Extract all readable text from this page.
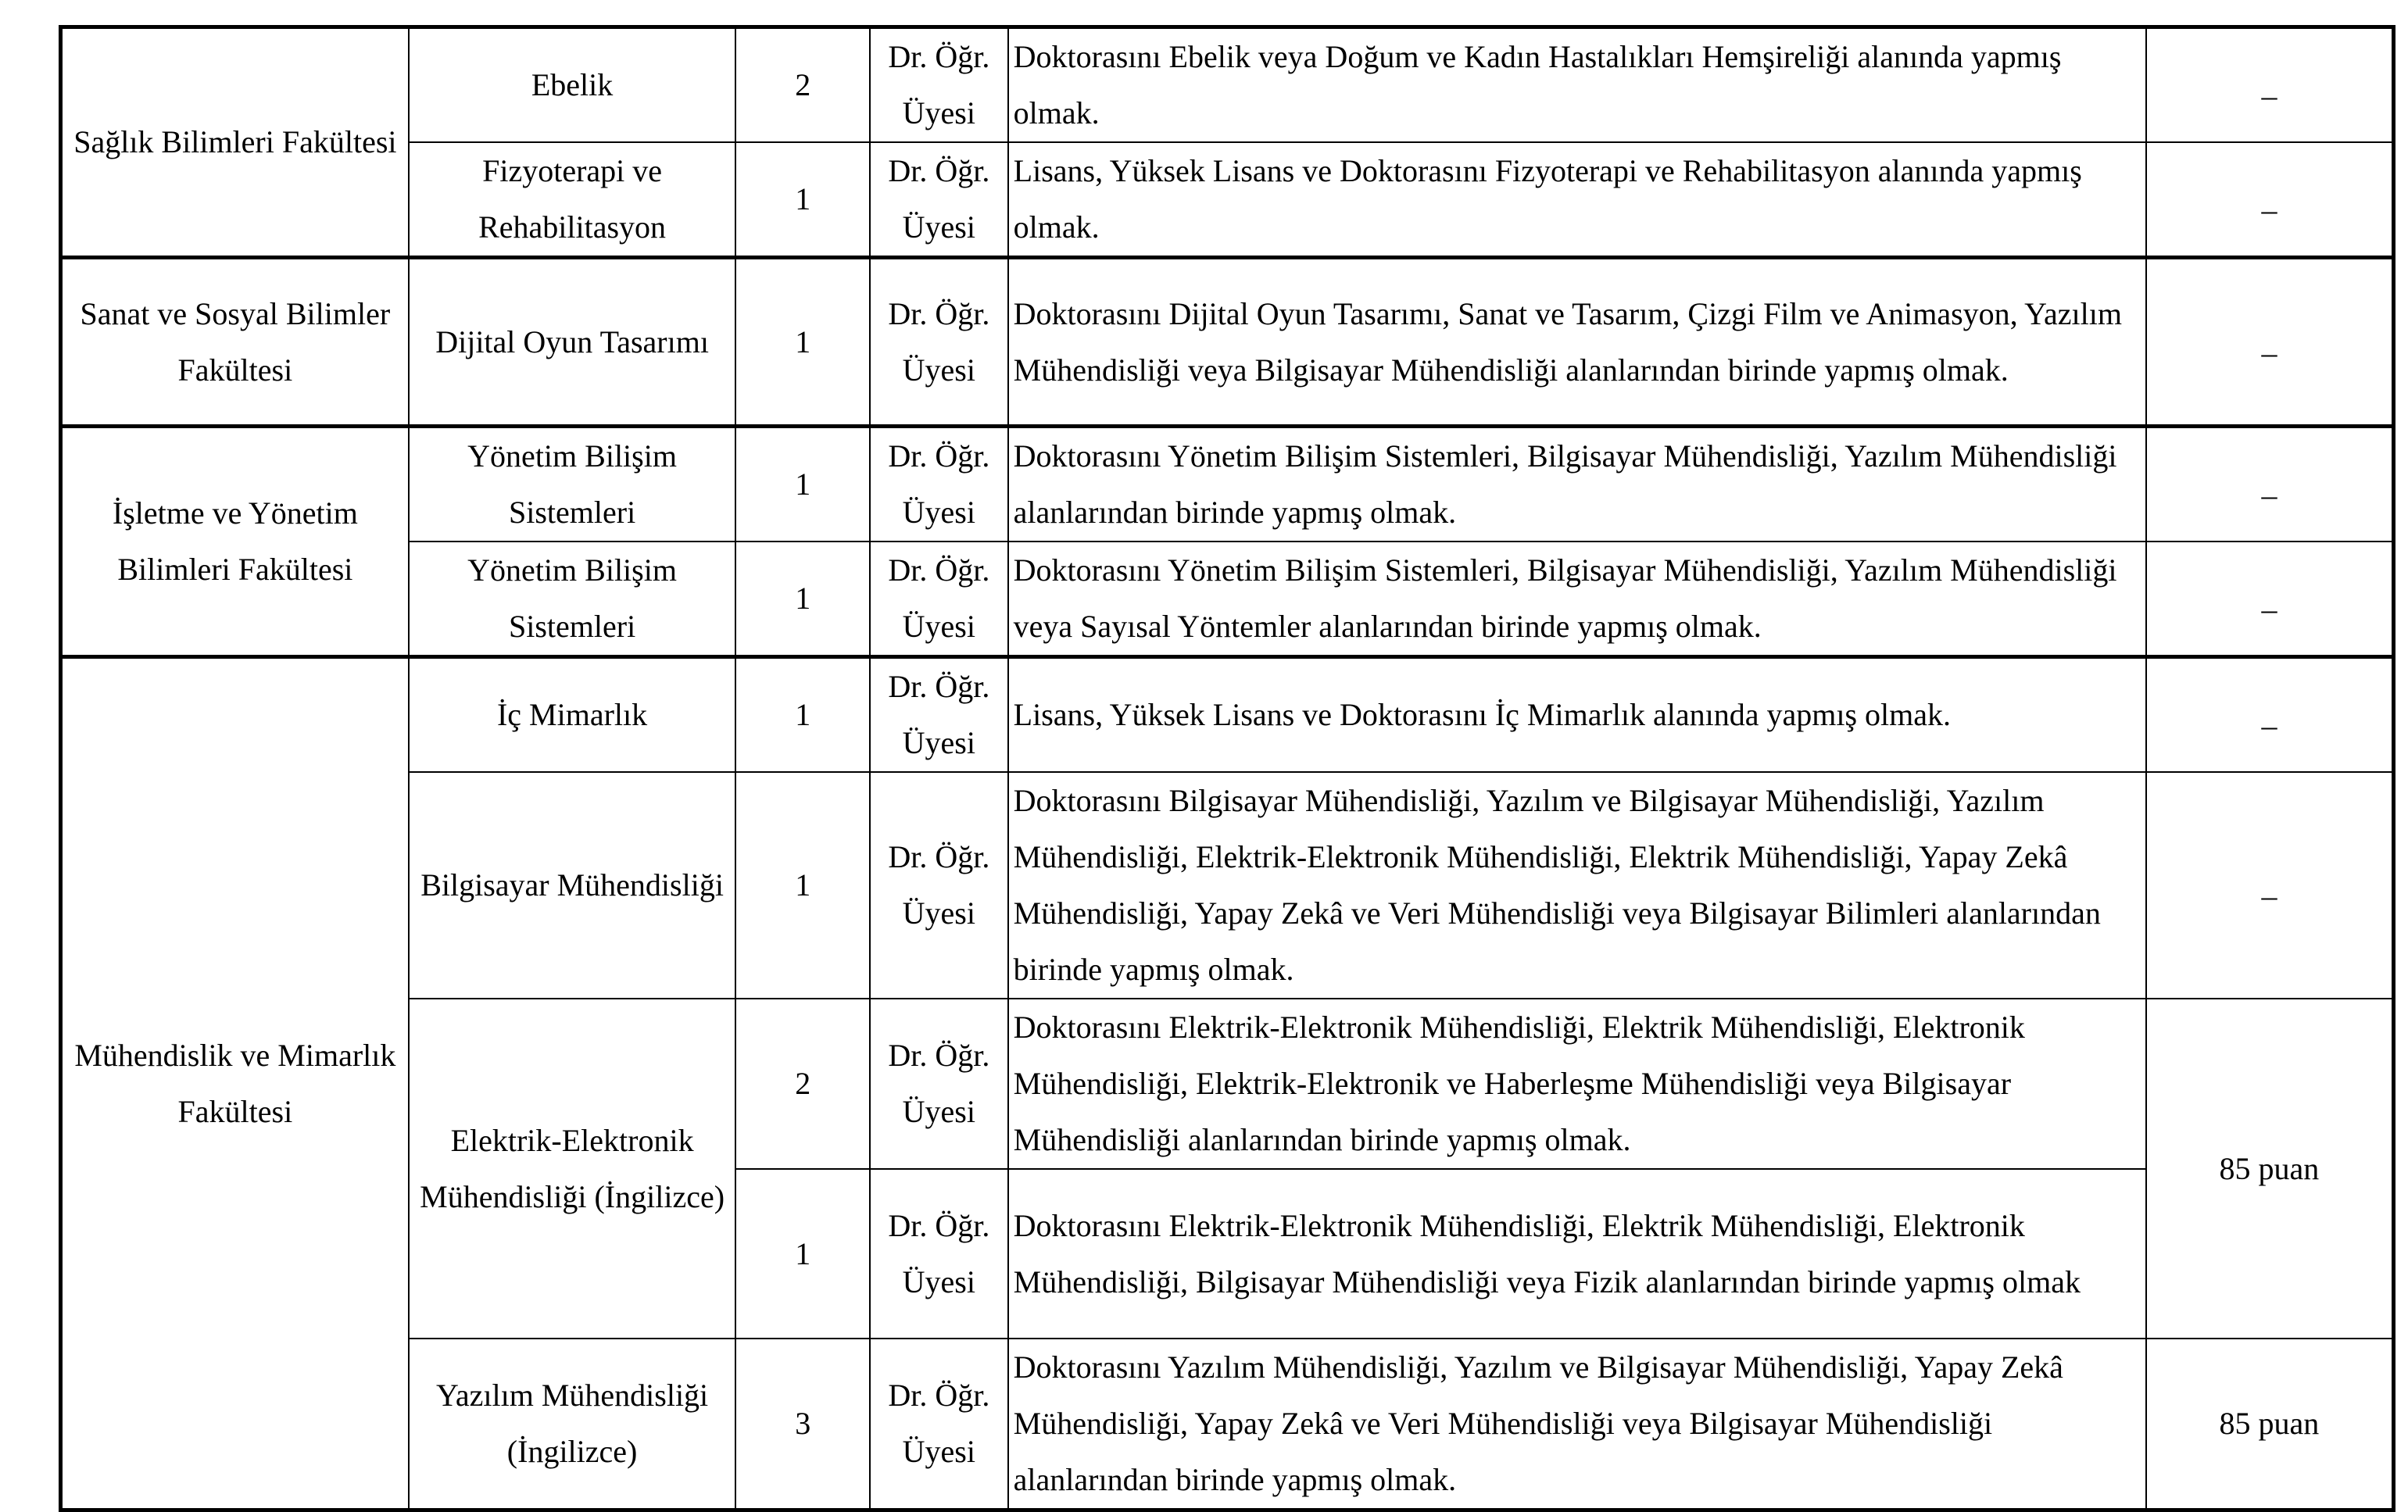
Sağlık Bilimleri Fakültesi	Ebelik	2	Dr. Öğr. Üyesi	Doktorasını Ebelik veya Doğum ve Kadın Hastalıkları Hemşireliği alanında yapmış olmak.	–
	Fizyoterapi ve Rehabilitasyon	1	Dr. Öğr. Üyesi	Lisans, Yüksek Lisans ve Doktorasını Fizyoterapi ve Rehabilitasyon alanında yapmış olmak.	–
Sanat ve Sosyal Bilimler Fakültesi	Dijital Oyun Tasarımı	1	Dr. Öğr. Üyesi	Doktorasını Dijital Oyun Tasarımı, Sanat ve Tasarım, Çizgi Film ve Animasyon, Yazılım Mühendisliği veya Bilgisayar Mühendisliği alanlarından birinde yapmış olmak.	–
İşletme ve Yönetim Bilimleri Fakültesi	Yönetim Bilişim Sistemleri	1	Dr. Öğr. Üyesi	Doktorasını Yönetim Bilişim Sistemleri, Bilgisayar Mühendisliği, Yazılım Mühendisliği alanlarından birinde yapmış olmak.	–
	Yönetim Bilişim Sistemleri	1	Dr. Öğr. Üyesi	Doktorasını Yönetim Bilişim Sistemleri, Bilgisayar Mühendisliği, Yazılım Mühendisliği veya Sayısal Yöntemler alanlarından birinde yapmış olmak.	–
Mühendislik ve Mimarlık Fakültesi	İç Mimarlık	1	Dr. Öğr. Üyesi	Lisans, Yüksek Lisans ve Doktorasını İç Mimarlık alanında yapmış olmak.	–
	Bilgisayar Mühendisliği	1	Dr. Öğr. Üyesi	Doktorasını Bilgisayar Mühendisliği, Yazılım ve Bilgisayar Mühendisliği, Yazılım Mühendisliği, Elektrik-Elektronik Mühendisliği, Elektrik Mühendisliği, Yapay Zekâ Mühendisliği, Yapay Zekâ ve Veri Mühendisliği veya Bilgisayar Bilimleri alanlarından birinde yapmış olmak.	–
	Elektrik-Elektronik Mühendisliği (İngilizce)	2	Dr. Öğr. Üyesi	Doktorasını Elektrik-Elektronik Mühendisliği, Elektrik Mühendisliği, Elektronik Mühendisliği, Elektrik-Elektronik ve Haberleşme Mühendisliği veya Bilgisayar Mühendisliği alanlarından birinde yapmış olmak.	85 puan
		1	Dr. Öğr. Üyesi	Doktorasını Elektrik-Elektronik Mühendisliği, Elektrik Mühendisliği, Elektronik Mühendisliği, Bilgisayar Mühendisliği veya Fizik alanlarından birinde yapmış olmak	
	Yazılım Mühendisliği (İngilizce)	3	Dr. Öğr. Üyesi	Doktorasını Yazılım Mühendisliği, Yazılım ve Bilgisayar Mühendisliği, Yapay Zekâ Mühendisliği, Yapay Zekâ ve Veri Mühendisliği veya Bilgisayar Mühendisliği alanlarından birinde yapmış olmak.	85 puan
